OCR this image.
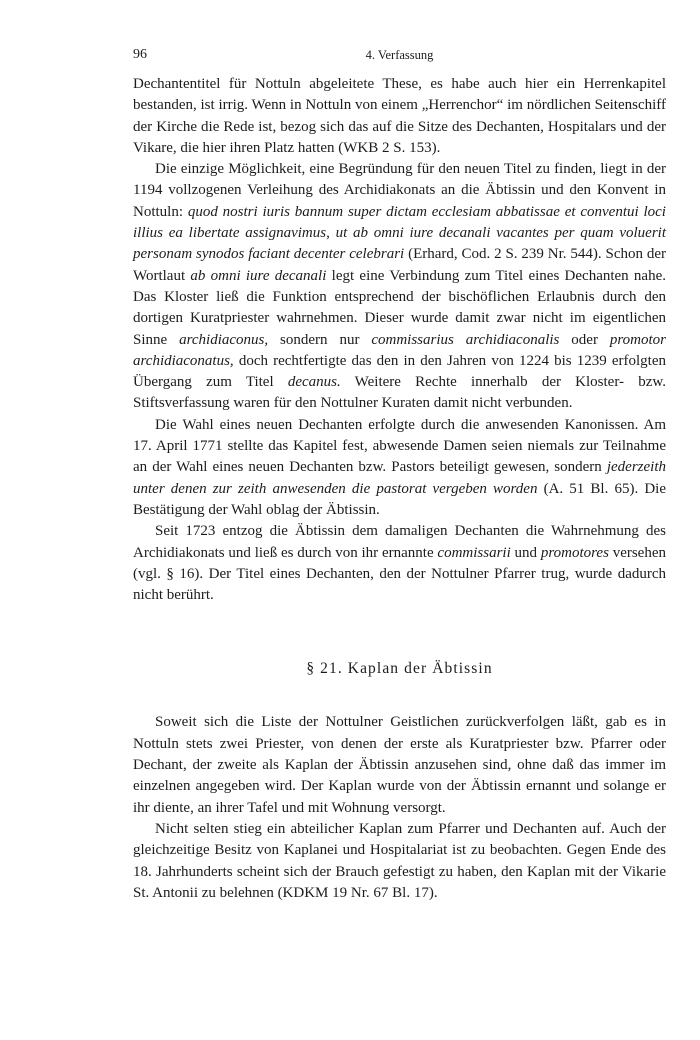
96	4. Verfassung

Dechantentitel für Nottuln abgeleitete These, es habe auch hier ein Herrenkapitel bestanden, ist irrig. Wenn in Nottuln von einem „Herrenchor“ im nördlichen Seitenschiff der Kirche die Rede ist, bezog sich das auf die Sitze des Dechanten, Hospitalars und der Vikare, die hier ihren Platz hatten (WKB 2 S. 153).

Die einzige Möglichkeit, eine Begründung für den neuen Titel zu finden, liegt in der 1194 vollzogenen Verleihung des Archidiakonats an die Äbtissin und den Konvent in Nottuln: quod nostri iuris bannum super dictam ecclesiam abbatissae et conventui loci illius ea libertate assignavimus, ut ab omni iure decanali vacantes per quam voluerit personam synodos faciant decenter celebrari (Erhard, Cod. 2 S. 239 Nr. 544). Schon der Wortlaut ab omni iure decanali legt eine Verbindung zum Titel eines Dechanten nahe. Das Kloster ließ die Funktion entsprechend der bischöflichen Erlaubnis durch den dortigen Kuratpriester wahrnehmen. Dieser wurde damit zwar nicht im eigentlichen Sinne archidiaconus, sondern nur commissarius archidiaconalis oder promotor archidiaconatus, doch rechtfertigte das den in den Jahren von 1224 bis 1239 erfolgten Übergang zum Titel decanus. Weitere Rechte innerhalb der Kloster- bzw. Stiftsverfassung waren für den Nottulner Kuraten damit nicht verbunden.

Die Wahl eines neuen Dechanten erfolgte durch die anwesenden Kanonissen. Am 17. April 1771 stellte das Kapitel fest, abwesende Damen seien niemals zur Teilnahme an der Wahl eines neuen Dechanten bzw. Pastors beteiligt gewesen, sondern jederzeith unter denen zur zeith anwesenden die pastorat vergeben worden (A. 51 Bl. 65). Die Bestätigung der Wahl oblag der Äbtissin.

Seit 1723 entzog die Äbtissin dem damaligen Dechanten die Wahrnehmung des Archidiakonats und ließ es durch von ihr ernannte commissarii und promotores versehen (vgl. § 16). Der Titel eines Dechanten, den der Nottulner Pfarrer trug, wurde dadurch nicht berührt.

§ 21. Kaplan der Äbtissin

Soweit sich die Liste der Nottulner Geistlichen zurückverfolgen läßt, gab es in Nottuln stets zwei Priester, von denen der erste als Kuratpriester bzw. Pfarrer oder Dechant, der zweite als Kaplan der Äbtissin anzusehen sind, ohne daß das immer im einzelnen angegeben wird. Der Kaplan wurde von der Äbtissin ernannt und solange er ihr diente, an ihrer Tafel und mit Wohnung versorgt.

Nicht selten stieg ein abteilicher Kaplan zum Pfarrer und Dechanten auf. Auch der gleichzeitige Besitz von Kaplanei und Hospitalariat ist zu beobachten. Gegen Ende des 18. Jahrhunderts scheint sich der Brauch gefestigt zu haben, den Kaplan mit der Vikarie St. Antonii zu belehnen (KDKM 19 Nr. 67 Bl. 17).
